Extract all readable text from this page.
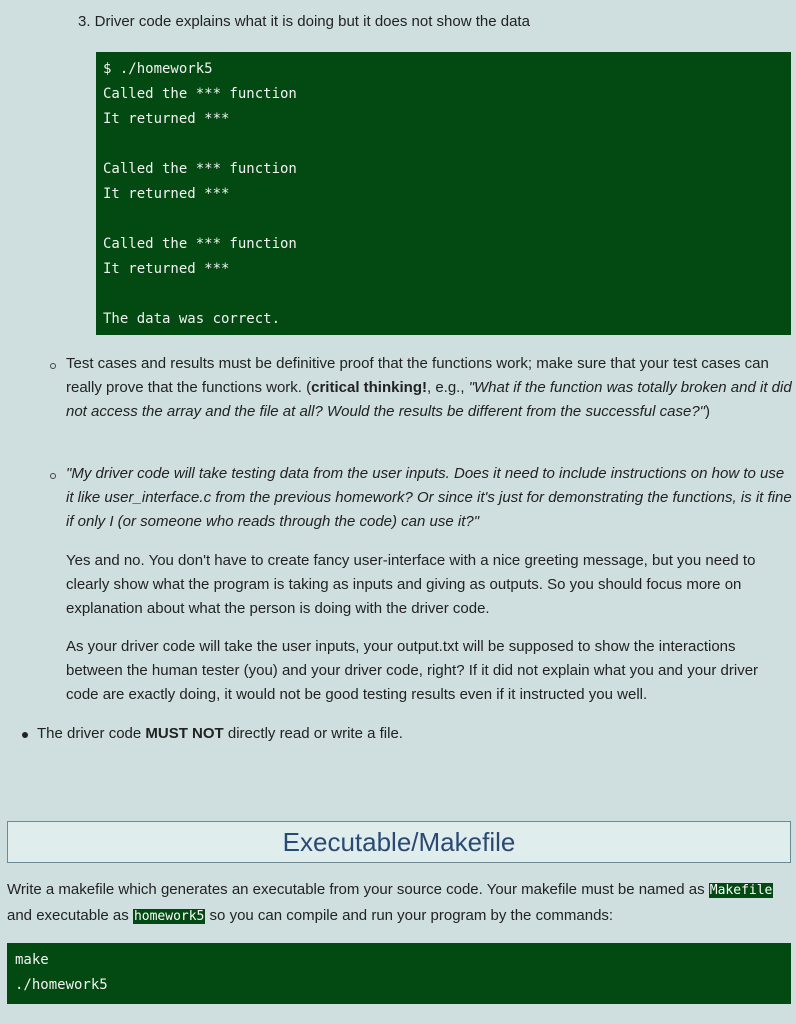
3. Driver code explains what it is doing but it does not show the data
$ ./homework5
Called the *** function
It returned ***

Called the *** function
It returned ***

Called the *** function
It returned ***

The data was correct.
Test cases and results must be definitive proof that the functions work; make sure that your test cases can really prove that the functions work. (critical thinking!, e.g., "What if the function was totally broken and it did not access the array and the file at all? Would the results be different from the successful case?")
"My driver code will take testing data from the user inputs. Does it need to include instructions on how to use it like user_interface.c from the previous homework? Or since it's just for demonstrating the functions, is it fine if only I (or someone who reads through the code) can use it?"
Yes and no. You don't have to create fancy user-interface with a nice greeting message, but you need to clearly show what the program is taking as inputs and giving as outputs. So you should focus more on explanation about what the person is doing with the driver code.
As your driver code will take the user inputs, your output.txt will be supposed to show the interactions between the human tester (you) and your driver code, right? If it did not explain what you and your driver code are exactly doing, it would not be good testing results even if it instructed you well.
The driver code MUST NOT directly read or write a file.
Executable/Makefile
Write a makefile which generates an executable from your source code. Your makefile must be named as Makefile and executable as homework5 so you can compile and run your program by the commands:
make
./homework5
